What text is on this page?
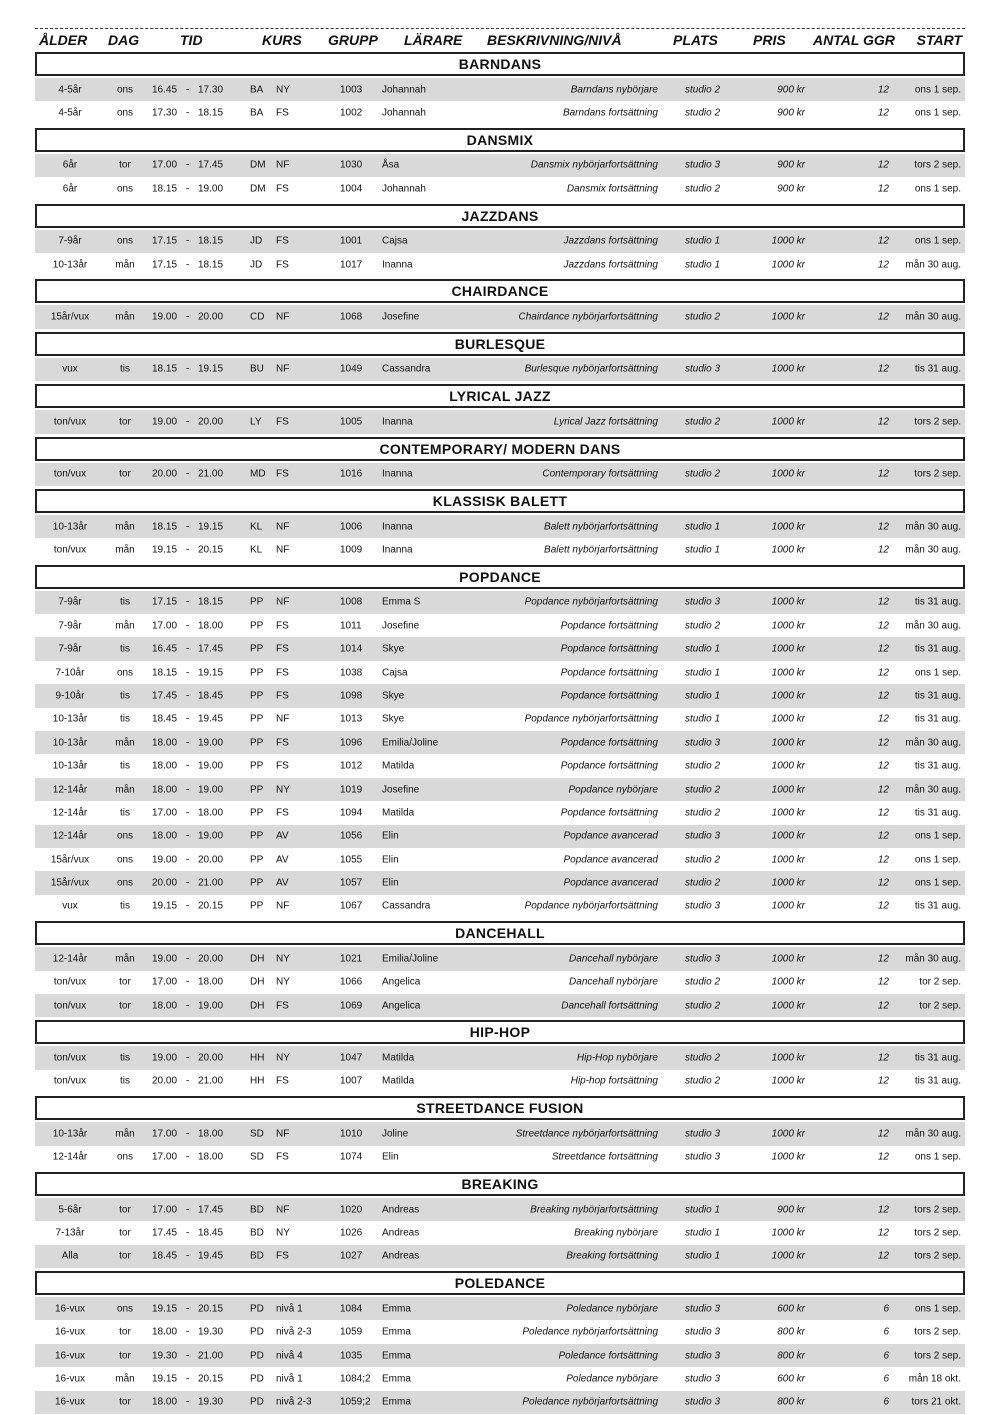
ÅLDER DAG	TID	KURS GRUPP LÄRARE BESKRIVNING/NIVÅ	PLATS	PRIS ANTAL GGR START
BARNDANS
4-5år	ons	16.45 - 17.30	BA NY	1003 Johannah	Barndans nybörjare	studio 2	900 kr	12	ons 1 sep.
4-5år	ons	17.30 - 18.15	BA FS	1002 Johannah	Barndans fortsättning	studio 2	900 kr	12	ons 1 sep.
DANSMIX
6år	tor	17.00 - 17.45	DM NF	1030 Åsa	Dansmix nybörjarfortsättning	studio 3	900 kr	12	tors 2 sep.
6år	ons	18.15 - 19.00	DM FS	1004 Johannah	Dansmix fortsättning	studio 2	900 kr	12	ons 1 sep.
JAZZDANS
7-9år	ons	17.15 - 18.15	JD FS	1001 Cajsa	Jazzdans fortsättning	studio 1	1000 kr	12	ons 1 sep.
10-13år	mån	17.15 - 18.15	JD FS	1017 Inanna	Jazzdans fortsättning	studio 1	1000 kr	12 mån 30 aug.
CHAIRDANCE
15år/vux	mån	19.00 - 20.00	CD NF	1068 Josefine	Chairdance nybörjarfortsättning	studio 2	1000 kr	12 mån 30 aug.
BURLESQUE
vux	tis	18.15 - 19.15	BU NF	1049 Cassandra	Burlesque nybörjarfortsättning	studio 3	1000 kr	12	tis 31 aug.
LYRICAL JAZZ
ton/vux	tor	19.00 - 20.00	LY FS	1005 Inanna	Lyrical Jazz fortsättning	studio 2	1000 kr	12	tors 2 sep.
CONTEMPORARY/ MODERN DANS
ton/vux	tor	20.00 - 21.00	MD FS	1016 Inanna	Contemporary fortsättning	studio 2	1000 kr	12	tors 2 sep.
KLASSISK BALETT
10-13år	mån	18.15 - 19.15	KL NF	1006 Inanna	Balett nybörjarfortsättning	studio 1	1000 kr	12 mån 30 aug.
ton/vux	mån	19.15 - 20.15	KL NF	1009 Inanna	Balett nybörjarfortsättning	studio 1	1000 kr	12 mån 30 aug.
POPDANCE
7-9år	tis	17.15 - 18.15	PP NF	1008 Emma S	Popdance nybörjarfortsättning	studio 3	1000 kr	12	tis 31 aug.
7-9år	mån	17.00 - 18.00	PP FS	1011 Josefine	Popdance fortsättning	studio 2	1000 kr	12 mån 30 aug.
7-9år	tis	16.45 - 17.45	PP FS	1014 Skye	Popdance fortsättning	studio 1	1000 kr	12	tis 31 aug.
7-10år	ons	18.15 - 19.15	PP FS	1038 Cajsa	Popdance fortsättning	studio 1	1000 kr	12	ons 1 sep.
9-10år	tis	17.45 - 18.45	PP FS	1098 Skye	Popdance fortsättning	studio 1	1000 kr	12	tis 31 aug.
10-13år	tis	18.45 - 19.45	PP NF	1013 Skye	Popdance nybörjarfortsättning	studio 1	1000 kr	12	tis 31 aug.
10-13år	mån	18.00 - 19.00	PP FS	1096 Emilia/Joline	Popdance fortsättning	studio 3	1000 kr	12 mån 30 aug.
10-13år	tis	18.00 - 19.00	PP FS	1012 Matilda	Popdance fortsättning	studio 2	1000 kr	12	tis 31 aug.
12-14år	mån	18.00 - 19.00	PP NY	1019 Josefine	Popdance nybörjare	studio 2	1000 kr	12 mån 30 aug.
12-14år	tis	17.00 - 18.00	PP FS	1094 Matilda	Popdance fortsättning	studio 2	1000 kr	12	tis 31 aug.
12-14år	ons	18.00 - 19.00	PP AV	1056 Elin	Popdance avancerad	studio 3	1000 kr	12	ons 1 sep.
15år/vux	ons	19.00 - 20.00	PP AV	1055 Elin	Popdance avancerad	studio 2	1000 kr	12	ons 1 sep.
15år/vux	ons	20.00 - 21.00	PP AV	1057 Elin	Popdance avancerad	studio 2	1000 kr	12	ons 1 sep.
vux	tis	19.15 - 20.15	PP NF	1067 Cassandra	Popdance nybörjarfortsättning	studio 3	1000 kr	12	tis 31 aug.
DANCEHALL
12-14år	mån	19.00 - 20.00	DH NY	1021 Emilia/Joline	Dancehall nybörjare	studio 3	1000 kr	12 mån 30 aug.
ton/vux	tor	17.00 - 18.00	DH NY	1066 Angelica	Dancehall nybörjare	studio 2	1000 kr	12	tor 2 sep.
ton/vux	tor	18.00 - 19.00	DH FS	1069 Angelica	Dancehall fortsättning	studio 2	1000 kr	12	tor 2 sep.
HIP-HOP
ton/vux	tis	19.00 - 20.00	HH NY	1047 Matilda	Hip-Hop nybörjare	studio 2	1000 kr	12	tis 31 aug.
ton/vux	tis	20.00 - 21.00	HH FS	1007 Matilda	Hip-hop fortsättning	studio 2	1000 kr	12	tis 31 aug.
STREETDANCE FUSION
10-13år	mån	17.00 - 18.00	SD NF	1010 Joline	Streetdance nybörjarfortsättning	studio 3	1000 kr	12 mån 30 aug.
12-14år	ons	17.00 - 18.00	SD FS	1074 Elin	Streetdance fortsättning	studio 3	1000 kr	12	ons 1 sep.
BREAKING
5-6år	tor	17.00 - 17.45	BD NF	1020 Andreas	Breaking nybörjarfortsättning	studio 1	900 kr	12	tors 2 sep.
7-13år	tor	17.45 - 18.45	BD NY	1026 Andreas	Breaking nybörjare	studio 1	1000 kr	12	tors 2 sep.
Alla	tor	18.45 - 19.45	BD FS	1027 Andreas	Breaking fortsättning	studio 1	1000 kr	12	tors 2 sep.
POLEDANCE
16-vux	ons	19.15 - 20.15	PD nivå 1	1084 Emma	Poledance nybörjare	studio 3	600 kr	6	ons 1 sep.
16-vux	tor	18.00 - 19.30	PD nivå 2-3	1059 Emma	Poledance nybörjarfortsättning	studio 3	800 kr	6	tors 2 sep.
16-vux	tor	19.30 - 21.00	PD nivå 4	1035 Emma	Poledance fortsättning	studio 3	800 kr	6	tors 2 sep.
16-vux	mån	19.15 - 20.15	PD nivå 1	1084;2 Emma	Poledance nybörjare	studio 3	600 kr	6 mån 18 okt.
16-vux	tor	18.00 - 19.30	PD nivå 2-3	1059;2 Emma	Poledance nybörjarfortsättning	studio 3	800 kr	6 tors 21 okt.
